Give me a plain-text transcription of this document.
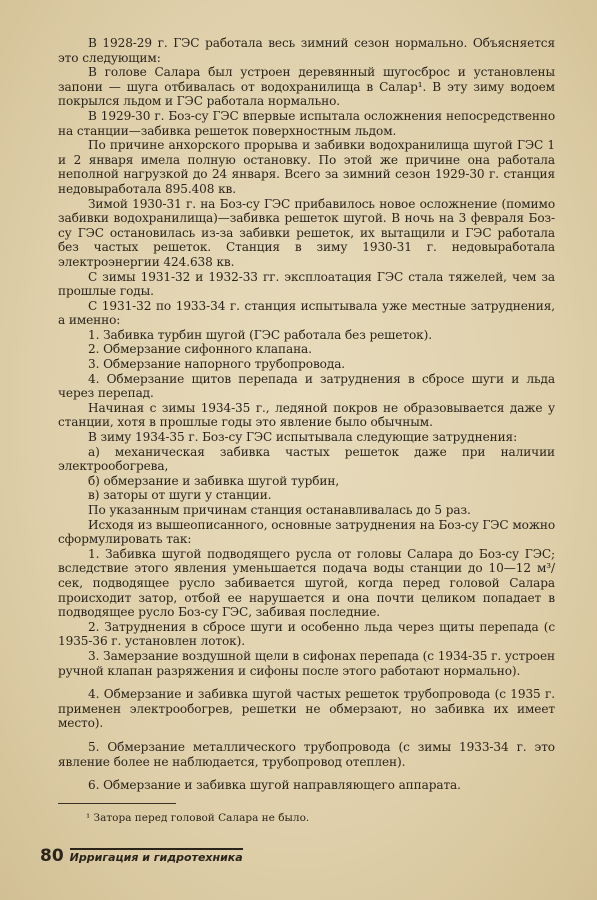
В 1928-29 г. ГЭС работала весь зимний сезон нормально. Объясняется это следующим:

В голове Салара был устроен деревянный шугосброс и установлены запони — шуга отбивалась от водохранилища в Салар¹. В эту зиму водоем покрылся льдом и ГЭС работала нормально.

В 1929-30 г. Боз-су ГЭС впервые испытала осложнения непосредственно на станции—забивка решеток поверхностным льдом.

По причине анхорского прорыва и забивки водохранилища шугой ГЭС 1 и 2 января имела полную остановку. По этой же причине она работала неполной нагрузкой до 24 января. Всего за зимний сезон 1929-30 г. станция недовыработала 895.408 кв.

Зимой 1930-31 г. на Боз-су ГЭС прибавилось новое осложнение (помимо забивки водохранилища)—забивка решеток шугой. В ночь на 3 февраля Боз-су ГЭС остановилась из-за забивки решеток, их вытащили и ГЭС работала без частых решеток. Станция в зиму 1930-31 г. недовыработала электроэнергии 424.638 кв.

С зимы 1931-32 и 1932-33 гг. эксплоатация ГЭС стала тяжелей, чем за прошлые годы.

С 1931-32 по 1933-34 г. станция испытывала уже местные затруднения, а именно:

1. Забивка турбин шугой (ГЭС работала без решеток).

2. Обмерзание сифонного клапана.

3. Обмерзание напорного трубопровода.

4. Обмерзание щитов перепада и затруднения в сбросе шуги и льда через перепад.

Начиная с зимы 1934-35 г., ледяной покров не образовывается даже у станции, хотя в прошлые годы это явление было обычным.

В зиму 1934-35 г. Боз-су ГЭС испытывала следующие затруднения:

а) механическая забивка частых решеток даже при наличии электрообогрева,

б) обмерзание и забивка шугой турбин,

в) заторы от шуги у станции.

По указанным причинам станция останавливалась до 5 раз.

Исходя из вышеописанного, основные затруднения на Боз-су ГЭС можно сформулировать так:

1. Забивка шугой подводящего русла от головы Салара до Боз-су ГЭС; вследствие этого явления уменьшается подача воды станции до 10—12 м³/сек, подводящее русло забивается шугой, когда перед головой Салара происходит затор, отбой ее нарушается и она почти целиком попадает в подводящее русло Боз-су ГЭС, забивая последние.

2. Затруднения в сбросе шуги и особенно льда через щиты перепада (с 1935-36 г. установлен лоток).

3. Замерзание воздушной щели в сифонах перепада (с 1934-35 г. устроен ручной клапан разряжения и сифоны после этого работают нормально).

4. Обмерзание и забивка шугой частых решеток трубопровода (с 1935 г. применен электрообогрев, решетки не обмерзают, но забивка их имеет место).

5. Обмерзание металлического трубопровода (с зимы 1933-34 г. это явление более не наблюдается, трубопровод отеплен).

6. Обмерзание и забивка шугой направляющего аппарата.

¹ Затора перед головой Салара не было.
80 Ирригация и гидротехника
